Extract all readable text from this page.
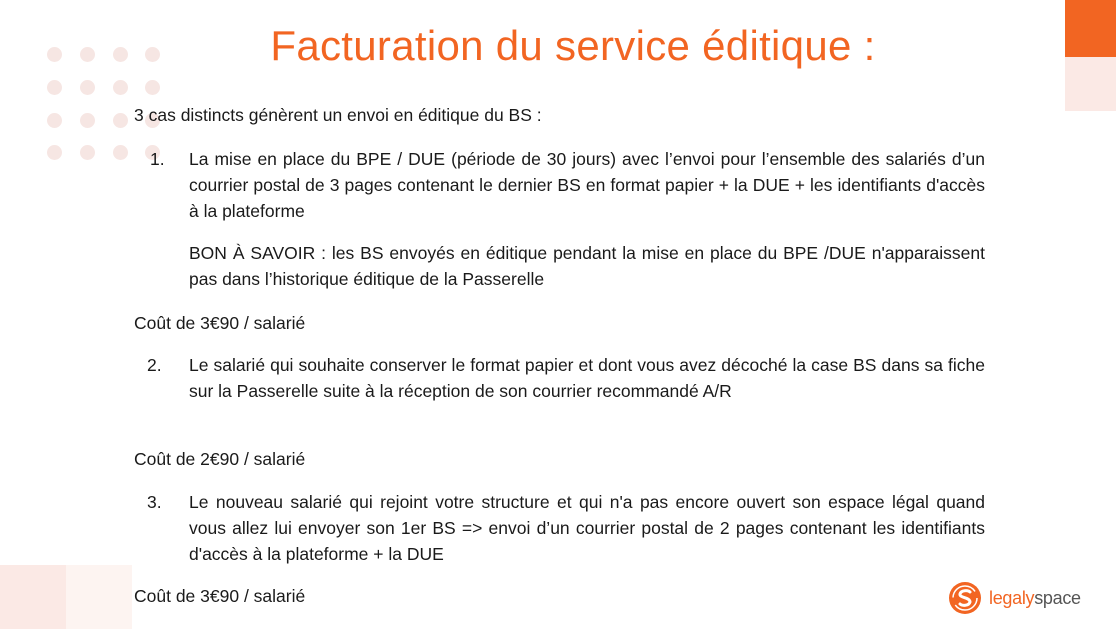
Facturation du service éditique :
3 cas distincts génèrent un envoi en éditique du BS :
1. La mise en place du BPE / DUE (période de 30 jours) avec l’envoi pour l’ensemble des salariés d’un courrier postal de 3 pages contenant le dernier BS en format papier + la DUE + les identifiants d'accès à la plateforme
BON À SAVOIR : les BS envoyés en éditique pendant la mise en place du BPE /DUE n'apparaissent pas dans l’historique éditique de la Passerelle
Coût de 3€90 / salarié
2. Le salarié qui souhaite conserver le format papier et dont vous avez décoché la case BS dans sa fiche sur la Passerelle suite à la réception de son courrier recommandé A/R
Coût de 2€90 / salarié
3. Le nouveau salarié qui rejoint votre structure et qui n'a pas encore ouvert son espace légal quand vous allez lui envoyer son 1er BS => envoi d’un courrier postal de 2 pages contenant les identifiants d'accès à la plateforme + la DUE
Coût de 3€90 / salarié	legalyspace
